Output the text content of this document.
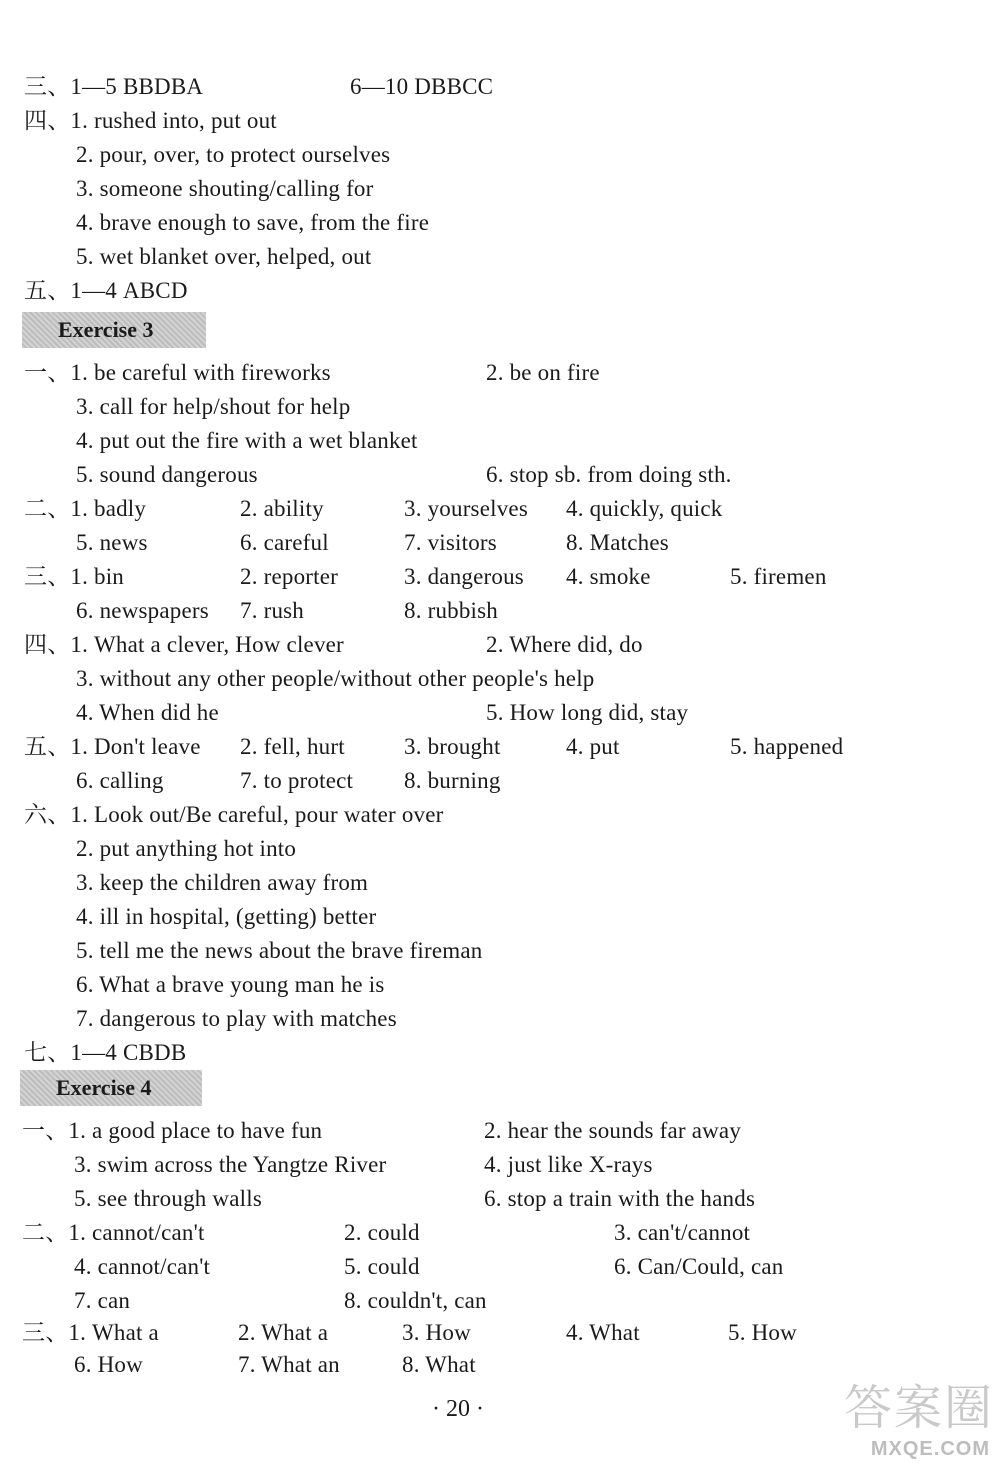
三、1—5 BBDBA	6—10 DBBCC
四、1. rushed into, put out
2. pour, over, to protect ourselves
3. someone shouting/calling for
4. brave enough to save, from the fire
5. wet blanket over, helped, out
五、1—4 ABCD
Exercise 3
一、1. be careful with fireworks	2. be on fire
3. call for help/shout for help
4. put out the fire with a wet blanket
5. sound dangerous	6. stop sb. from doing sth.
二、1. badly	2. ability	3. yourselves 4. quickly, quick
5. news	6. careful	7. visitors	8. Matches
三、1. bin	2. reporter	3. dangerous 4. smoke	5. firemen
6. newspapers 7. rush	8. rubbish
四、1. What a clever, How clever	2. Where did, do
3. without any other people/without other people's help
4. When did he	5. How long did, stay
五、1. Don't leave 2. fell, hurt	3. brought	4. put	5. happened
6. calling	7. to protect 8. burning
六、1. Look out/Be careful, pour water over
2. put anything hot into
3. keep the children away from
4. ill in hospital, (getting) better
5. tell me the news about the brave fireman
6. What a brave young man he is
7. dangerous to play with matches
七、1—4 CBDB
Exercise 4
一、1. a good place to have fun	2. hear the sounds far away
3. swim across the Yangtze River	4. just like X-rays
5. see through walls	6. stop a train with the hands
二、1. cannot/can't	2. could	3. can't/cannot
4. cannot/can't	5. could	6. Can/Could, can
7. can	8. couldn't, can
三、1. What a	2. What a	3. How	4. What	5. How
6. How	7. What an	8. What
· 20 ·	答案圈
MXQE.COM
